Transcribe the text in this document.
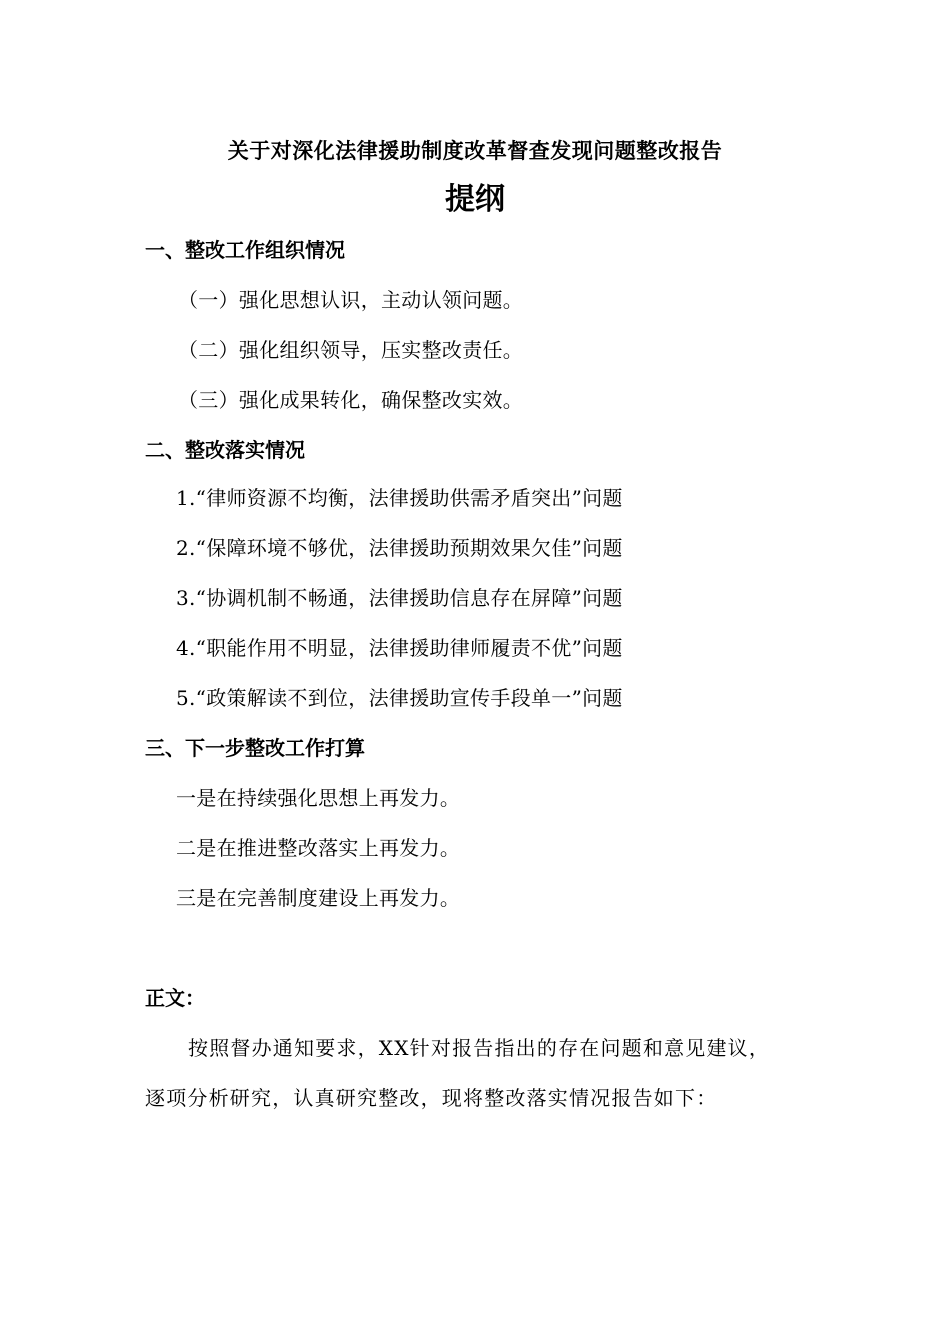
关于对深化法律援助制度改革督查发现问题整改报告
提纲
一、整改工作组织情况
（一）强化思想认识，主动认领问题。
（二）强化组织领导，压实整改责任。
（三）强化成果转化，确保整改实效。
二、整改落实情况
1.“律师资源不均衡，法律援助供需矛盾突出”问题
2.“保障环境不够优，法律援助预期效果欠佳”问题
3.“协调机制不畅通，法律援助信息存在屏障”问题
4.“职能作用不明显，法律援助律师履责不优”问题
5.“政策解读不到位，法律援助宣传手段单一”问题
三、下一步整改工作打算
一是在持续强化思想上再发力。
二是在推进整改落实上再发力。
三是在完善制度建设上再发力。
正文：
按照督办通知要求，XX针对报告指出的存在问题和意见建议，
逐项分析研究，认真研究整改，现将整改落实情况报告如下：
